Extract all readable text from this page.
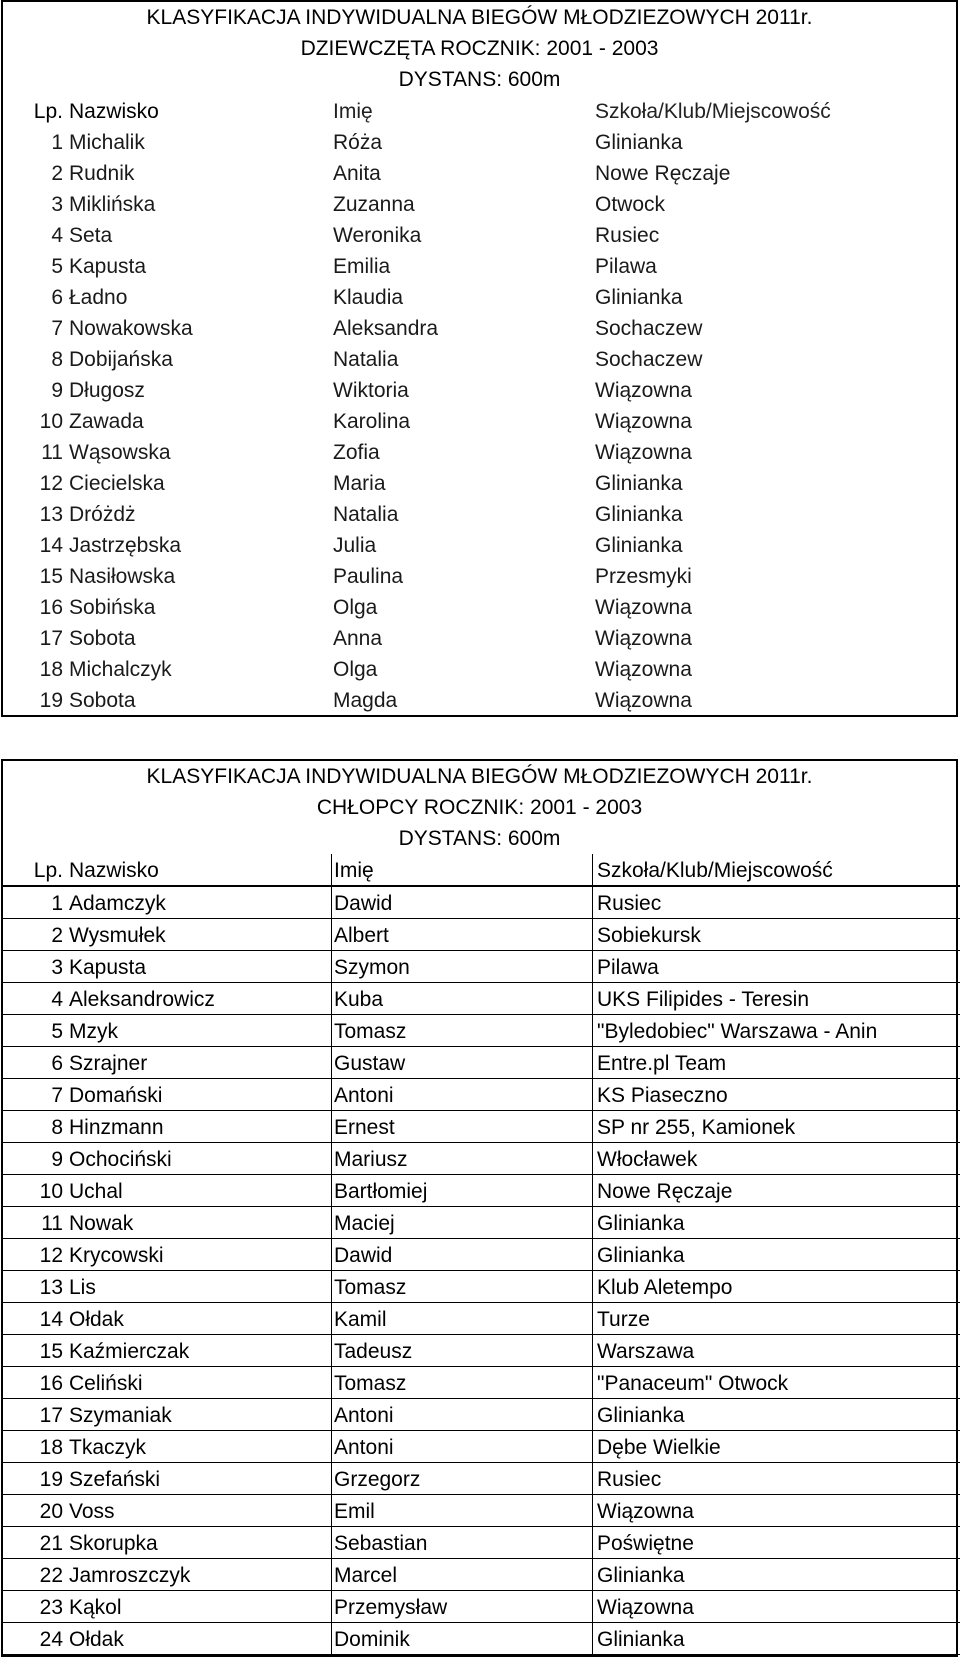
KLASYFIKACJA INDYWIDUALNA BIEGÓW MŁODZIEZOWYCH 2011r.
DZIEWCZĘTA ROCZNIK: 2001 - 2003
DYSTANS: 600m
Lp.	Nazwisko	Imię	Szkoła/Klub/Miejscowość
1	Michalik	Róża	Glinianka
2	Rudnik	Anita	Nowe Ręczaje
3	Miklińska	Zuzanna	Otwock
4	Seta	Weronika	Rusiec
5	Kapusta	Emilia	Pilawa
6	Ładno	Klaudia	Glinianka
7	Nowakowska	Aleksandra	Sochaczew
8	Dobijańska	Natalia	Sochaczew
9	Długosz	Wiktoria	Wiązowna
10	Zawada	Karolina	Wiązowna
11	Wąsowska	Zofia	Wiązowna
12	Ciecielska	Maria	Glinianka
13	Dróżdż	Natalia	Glinianka
14	Jastrzębska	Julia	Glinianka
15	Nasiłowska	Paulina	Przesmyki
16	Sobińska	Olga	Wiązowna
17	Sobota	Anna	Wiązowna
18	Michalczyk	Olga	Wiązowna
19	Sobota	Magda	Wiązowna
KLASYFIKACJA INDYWIDUALNA BIEGÓW MŁODZIEZOWYCH 2011r.
CHŁOPCY ROCZNIK: 2001 - 2003
DYSTANS: 600m
Lp.	Nazwisko	Imię	Szkoła/Klub/Miejscowość
1	Adamczyk	Dawid	Rusiec
2	Wysmułek	Albert	Sobiekursk
3	Kapusta	Szymon	Pilawa
4	Aleksandrowicz	Kuba	UKS Filipides - Teresin
5	Mzyk	Tomasz	"Byledobiec" Warszawa - Anin
6	Szrajner	Gustaw	Entre.pl Team
7	Domański	Antoni	KS Piaseczno
8	Hinzmann	Ernest	SP nr 255, Kamionek
9	Ochociński	Mariusz	Włocławek
10	Uchal	Bartłomiej	Nowe Ręczaje
11	Nowak	Maciej	Glinianka
12	Krycowski	Dawid	Glinianka
13	Lis	Tomasz	Klub Aletempo
14	Ołdak	Kamil	Turze
15	Kaźmierczak	Tadeusz	Warszawa
16	Celiński	Tomasz	"Panaceum" Otwock
17	Szymaniak	Antoni	Glinianka
18	Tkaczyk	Antoni	Dębe Wielkie
19	Szefański	Grzegorz	Rusiec
20	Voss	Emil	Wiązowna
21	Skorupka	Sebastian	Poświętne
22	Jamroszczyk	Marcel	Glinianka
23	Kąkol	Przemysław	Wiązowna
24	Ołdak	Dominik	Glinianka
